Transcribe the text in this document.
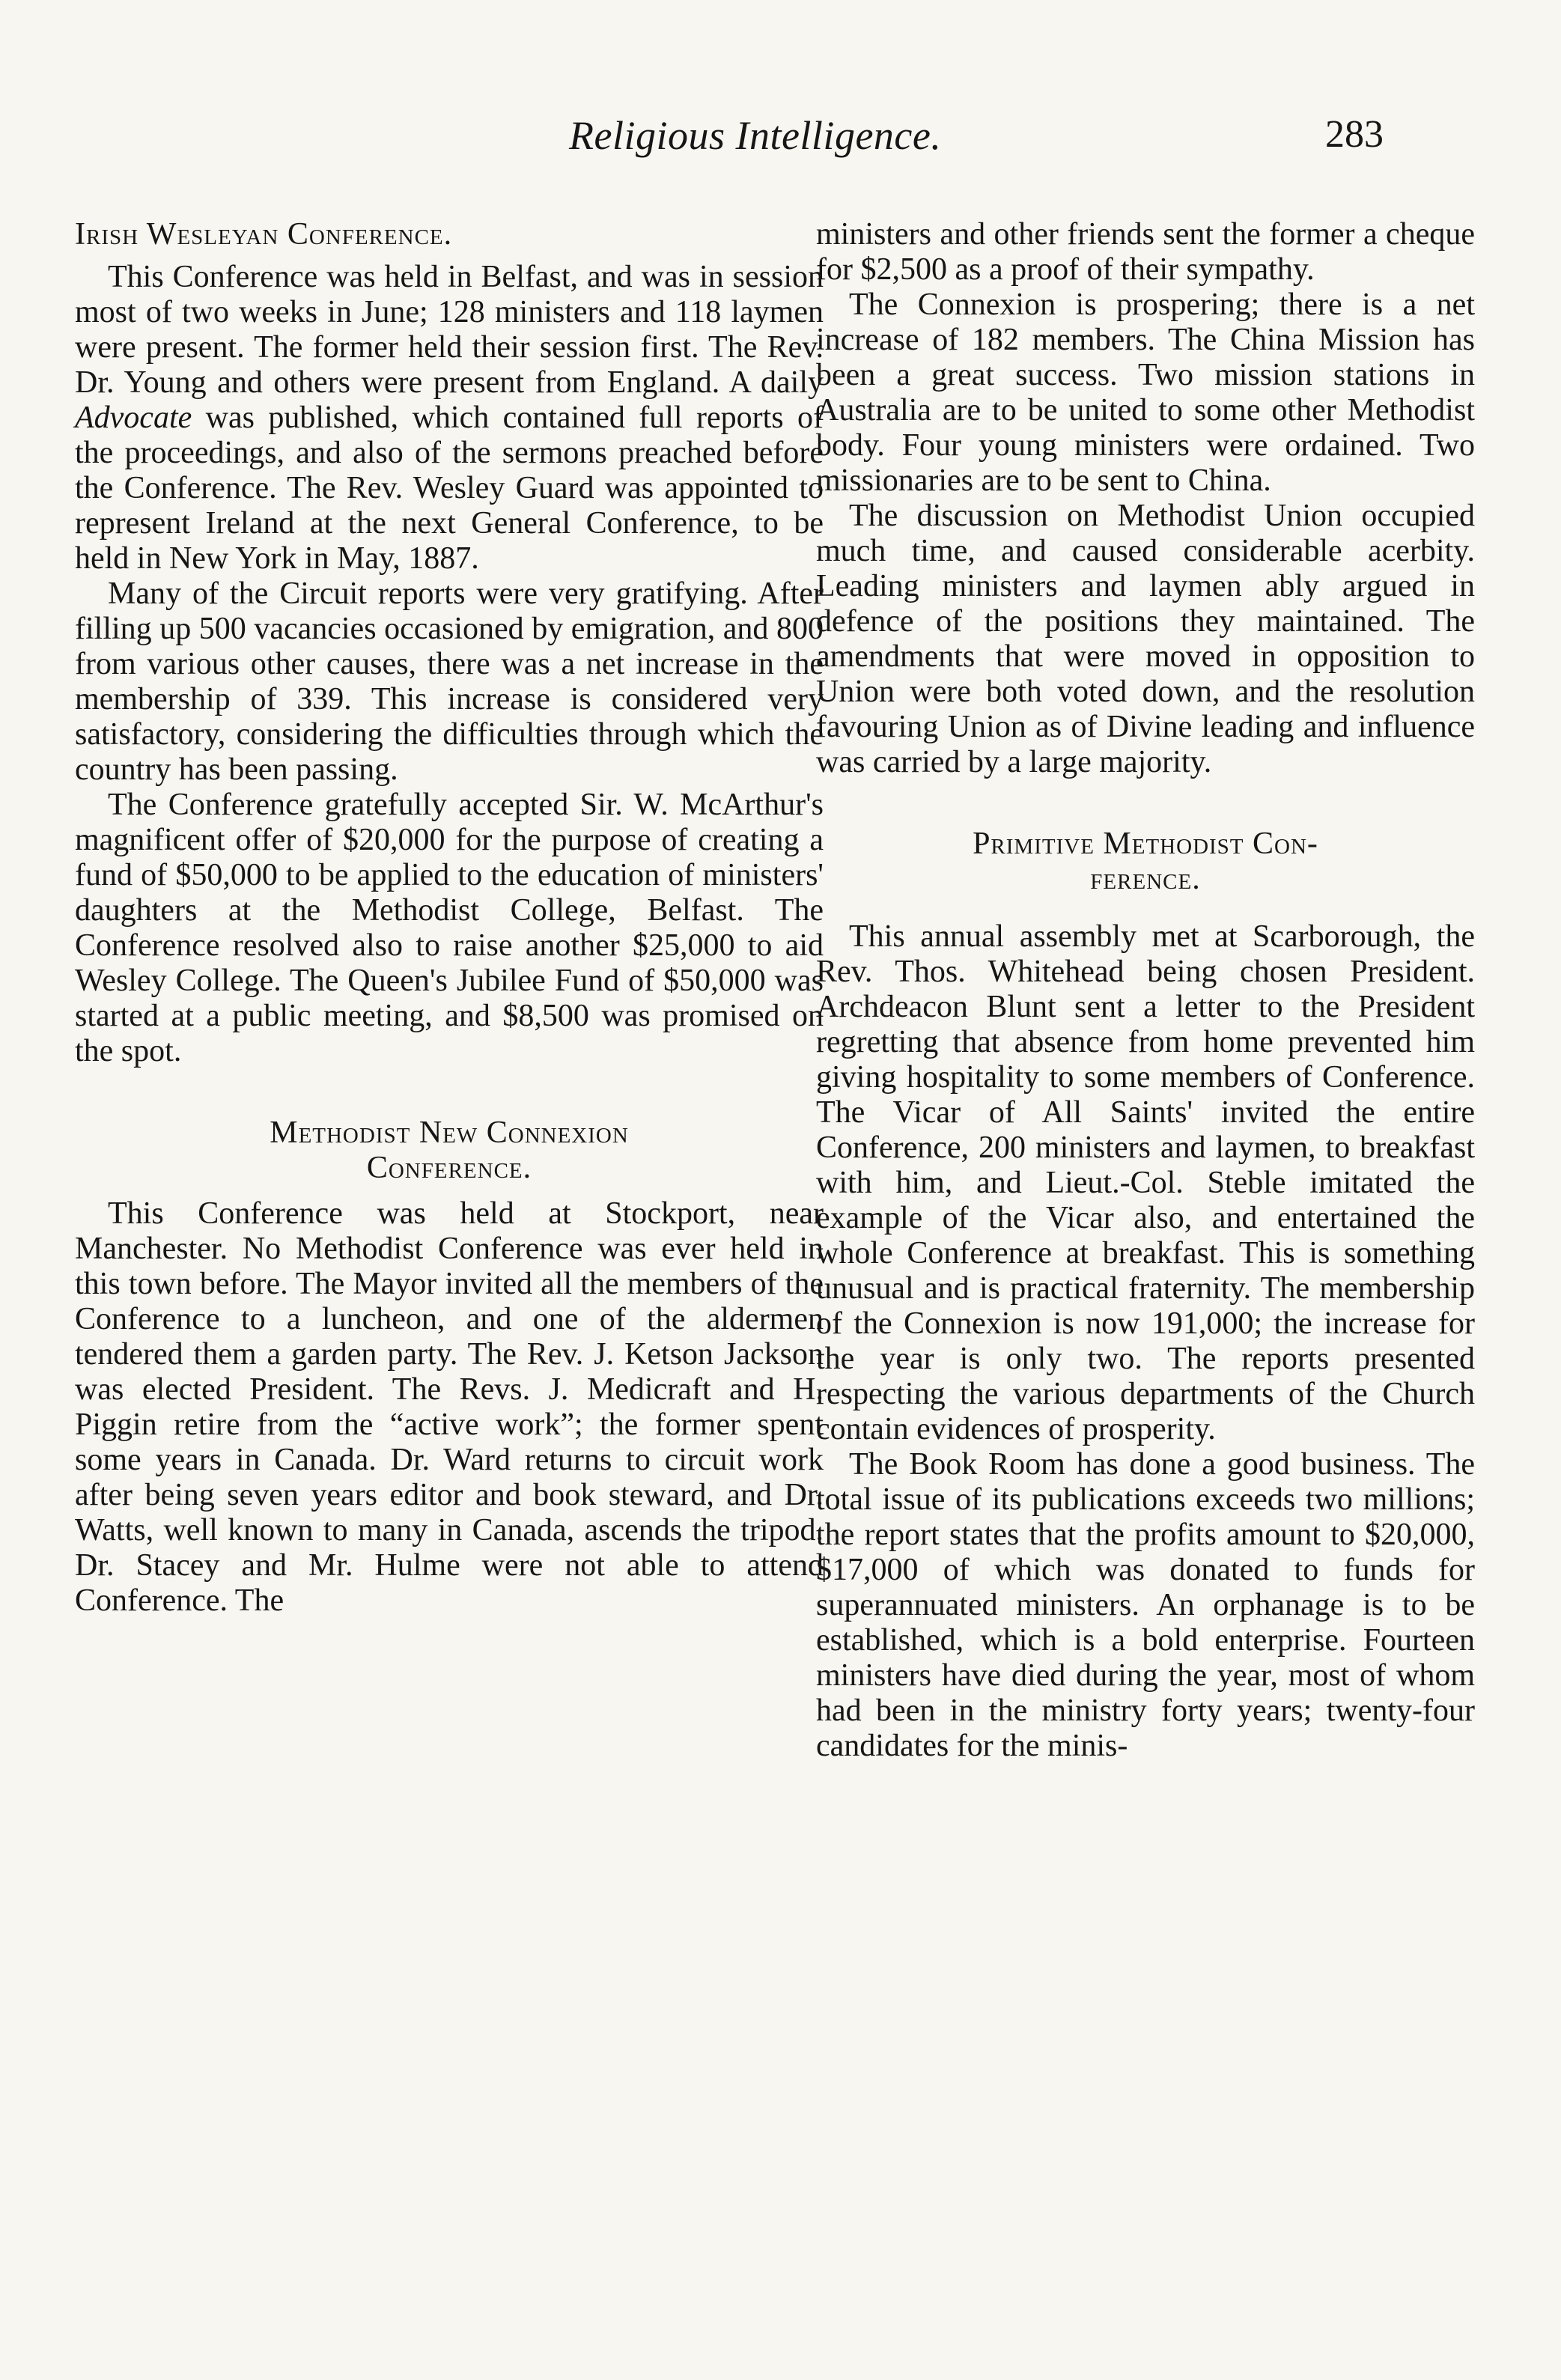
Religious Intelligence.	283
Irish Wesleyan Conference.

This Conference was held in Belfast, and was in session most of two weeks in June; 128 ministers and 118 laymen were present. The former held their session first. The Rev. Dr. Young and others were present from England. A daily Advocate was published, which contained full reports of the proceedings, and also of the sermons preached before the Conference. The Rev. Wesley Guard was appointed to represent Ireland at the next General Conference, to be held in New York in May, 1887.

Many of the Circuit reports were very gratifying. After filling up 500 vacancies occasioned by emigration, and 800 from various other causes, there was a net increase in the membership of 339. This increase is considered very satisfactory, considering the difficulties through which the country has been passing.

The Conference gratefully accepted Sir. W. McArthur's magnificent offer of $20,000 for the purpose of creating a fund of $50,000 to be applied to the education of ministers' daughters at the Methodist College, Belfast. The Conference resolved also to raise another $25,000 to aid Wesley College. The Queen's Jubilee Fund of $50,000 was started at a public meeting, and $8,500 was promised on the spot.

Methodist New Connexion
Conference.

This Conference was held at Stockport, near Manchester. No Methodist Conference was ever held in this town before. The Mayor invited all the members of the Conference to a luncheon, and one of the aldermen tendered them a garden party. The Rev. J. Ketson Jackson was elected President. The Revs. J. Medicraft and H. Piggin retire from the “active work”; the former spent some years in Canada. Dr. Ward returns to circuit work after being seven years editor and book steward, and Dr. Watts, well known to many in Canada, ascends the tripod. Dr. Stacey and Mr. Hulme were not able to attend Conference. The

ministers and other friends sent the former a cheque for $2,500 as a proof of their sympathy.

The Connexion is prospering; there is a net increase of 182 members. The China Mission has been a great success. Two mission stations in Australia are to be united to some other Methodist body. Four young ministers were ordained. Two missionaries are to be sent to China.

The discussion on Methodist Union occupied much time, and caused considerable acerbity. Leading ministers and laymen ably argued in defence of the positions they maintained. The amendments that were moved in opposition to Union were both voted down, and the resolution favouring Union as of Divine leading and influence was carried by a large majority.

Primitive Methodist Con-
ference.

This annual assembly met at Scarborough, the Rev. Thos. Whitehead being chosen President. Archdeacon Blunt sent a letter to the President regretting that absence from home prevented him giving hospitality to some members of Conference. The Vicar of All Saints' invited the entire Conference, 200 ministers and laymen, to breakfast with him, and Lieut.-Col. Steble imitated the example of the Vicar also, and entertained the whole Conference at breakfast. This is something unusual and is practical fraternity. The membership of the Connexion is now 191,000; the increase for the year is only two. The reports presented respecting the various departments of the Church contain evidences of prosperity.

The Book Room has done a good business. The total issue of its publications exceeds two millions; the report states that the profits amount to $20,000, $17,000 of which was donated to funds for superannuated ministers. An orphanage is to be established, which is a bold enterprise. Fourteen ministers have died during the year, most of whom had been in the ministry forty years; twenty-four candidates for the minis-
